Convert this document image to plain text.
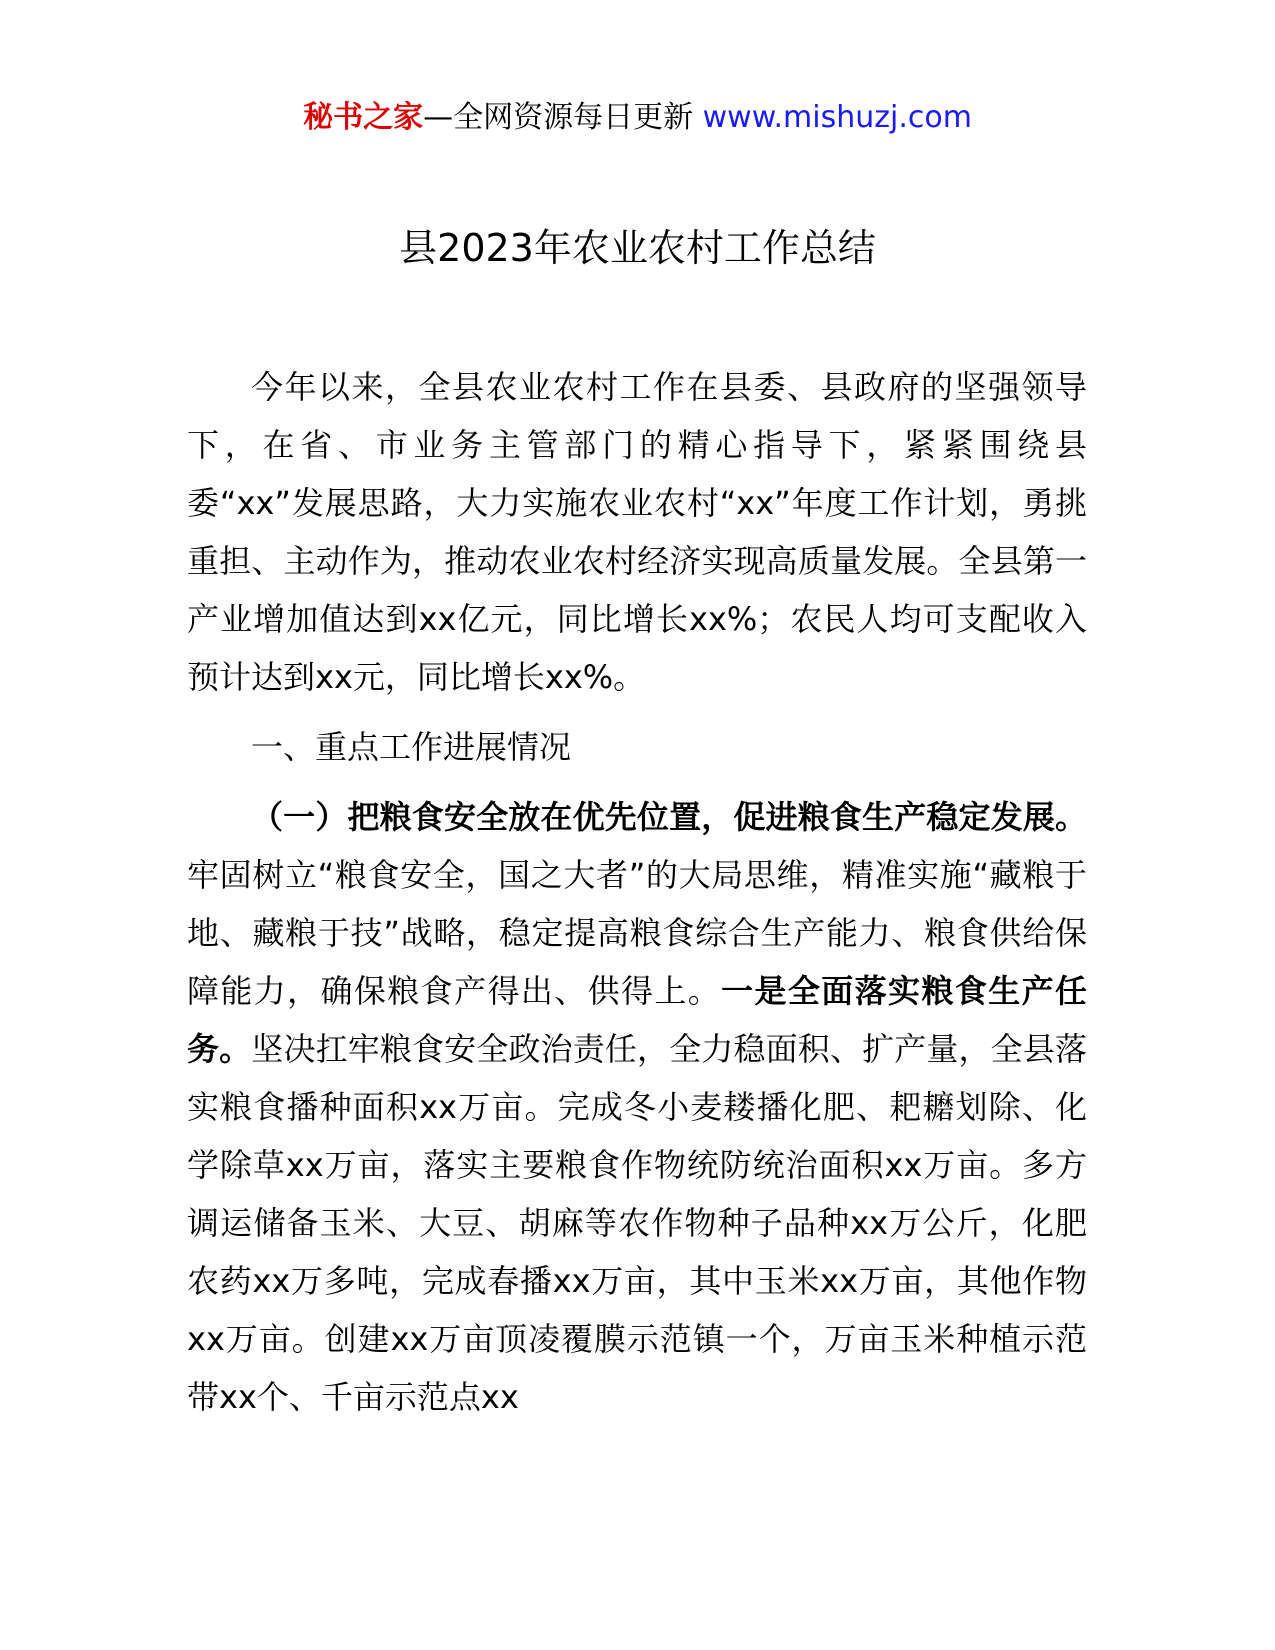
秘书之家—全网资源每日更新 www.mishuzj.com
县2023年农业农村工作总结

今年以来，全县农业农村工作在县委、县政府的坚强领导下，在省、市业务主管部门的精心指导下，紧紧围绕县委“xx”发展思路，大力实施农业农村“xx”年度工作计划，勇挑重担、主动作为，推动农业农村经济实现高质量发展。全县第一产业增加值达到xx亿元，同比增长xx%；农民人均可支配收入预计达到xx元，同比增长xx%。

一、重点工作进展情况

（一）把粮食安全放在优先位置，促进粮食生产稳定发展。牢固树立“粮食安全，国之大者”的大局思维，精准实施“藏粮于地、藏粮于技”战略，稳定提高粮食综合生产能力、粮食供给保障能力，确保粮食产得出、供得上。一是全面落实粮食生产任务。坚决扛牢粮食安全政治责任，全力稳面积、扩产量，全县落实粮食播种面积xx万亩。完成冬小麦耧播化肥、耙耱划除、化学除草xx万亩，落实主要粮食作物统防统治面积xx万亩。多方调运储备玉米、大豆、胡麻等农作物种子品种xx万公斤，化肥农药xx万多吨，完成春播xx万亩，其中玉米xx万亩，其他作物xx万亩。创建xx万亩顶凌覆膜示范镇一个，万亩玉米种植示范带xx个、千亩示范点xx
